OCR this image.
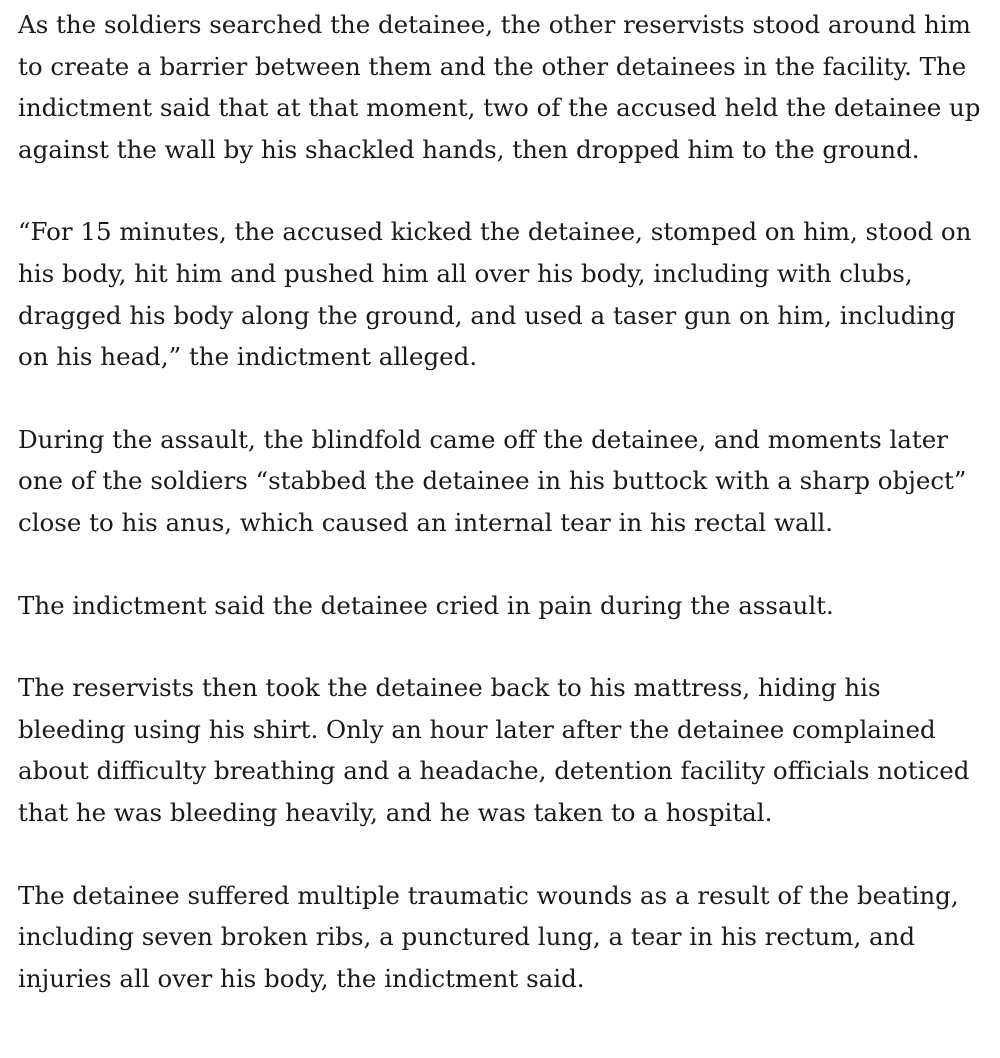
As the soldiers searched the detainee, the other reservists stood around him to create a barrier between them and the other detainees in the facility. The indictment said that at that moment, two of the accused held the detainee up against the wall by his shackled hands, then dropped him to the ground.

“For 15 minutes, the accused kicked the detainee, stomped on him, stood on his body, hit him and pushed him all over his body, including with clubs, dragged his body along the ground, and used a taser gun on him, including on his head,” the indictment alleged.

During the assault, the blindfold came off the detainee, and moments later one of the soldiers “stabbed the detainee in his buttock with a sharp object” close to his anus, which caused an internal tear in his rectal wall.

The indictment said the detainee cried in pain during the assault.

The reservists then took the detainee back to his mattress, hiding his bleeding using his shirt. Only an hour later after the detainee complained about difficulty breathing and a headache, detention facility officials noticed that he was bleeding heavily, and he was taken to a hospital.

The detainee suffered multiple traumatic wounds as a result of the beating, including seven broken ribs, a punctured lung, a tear in his rectum, and injuries all over his body, the indictment said.
